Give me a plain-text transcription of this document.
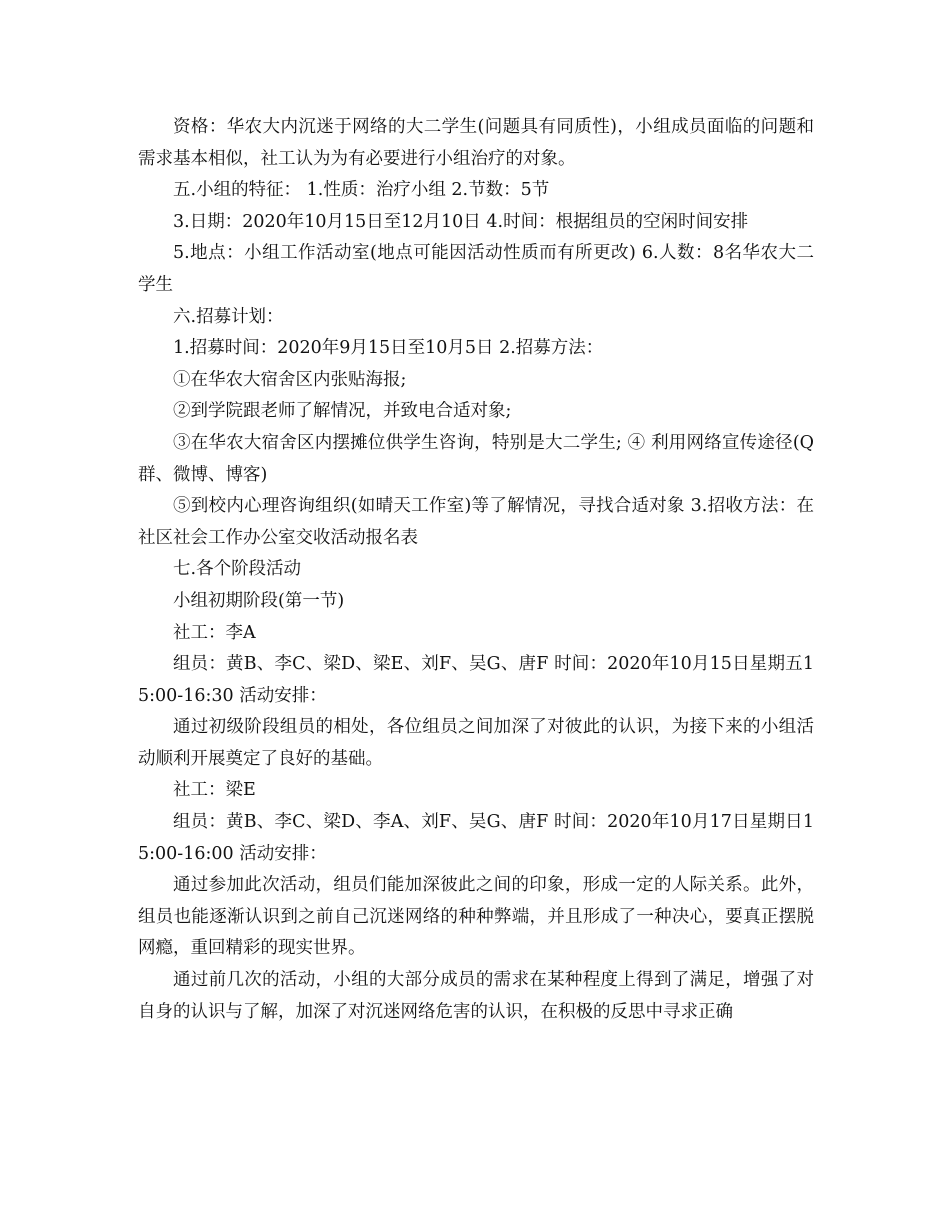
资格：华农大内沉迷于网络的大二学生(问题具有同质性)，小组成员面临的问题和需求基本相似，社工认为为有必要进行小组治疗的对象。

五.小组的特征： 1.性质：治疗小组 2.节数：5节

3.日期：2020年10月15日至12月10日 4.时间：根据组员的空闲时间安排

5.地点：小组工作活动室(地点可能因活动性质而有所更改) 6.人数：8名华农大二学生

六.招募计划：

1.招募时间：2020年9月15日至10月5日 2.招募方法：

①在华农大宿舍区内张贴海报;

②到学院跟老师了解情况，并致电合适对象;

③在华农大宿舍区内摆摊位供学生咨询，特别是大二学生; ④ 利用网络宣传途径(Q群、微博、博客)

⑤到校内心理咨询组织(如晴天工作室)等了解情况，寻找合适对象 3.招收方法：在社区社会工作办公室交收活动报名表

七.各个阶段活动

小组初期阶段(第一节)

社工：李A

组员：黄B、李C、梁D、梁E、刘F、吴G、唐F 时间：2020年10月15日星期五15:00-16:30 活动安排：

通过初级阶段组员的相处，各位组员之间加深了对彼此的认识，为接下来的小组活动顺利开展奠定了良好的基础。

社工：梁E

组员：黄B、李C、梁D、李A、刘F、吴G、唐F 时间：2020年10月17日星期日15:00-16:00 活动安排：

通过参加此次活动，组员们能加深彼此之间的印象，形成一定的人际关系。此外，组员也能逐渐认识到之前自己沉迷网络的种种弊端，并且形成了一种决心，要真正摆脱网瘾，重回精彩的现实世界。

通过前几次的活动，小组的大部分成员的需求在某种程度上得到了满足，增强了对自身的认识与了解，加深了对沉迷网络危害的认识，在积极的反思中寻求正确
